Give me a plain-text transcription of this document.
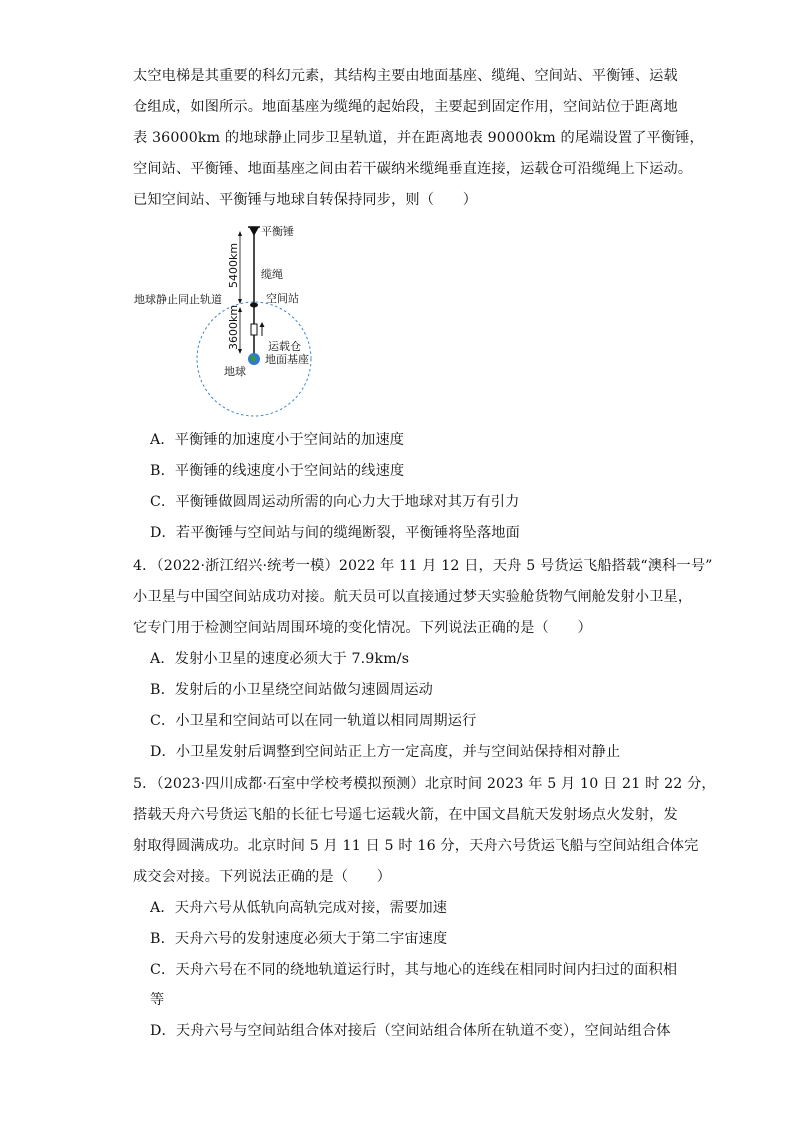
太空电梯是其重要的科幻元素，其结构主要由地面基座、缆绳、空间站、平衡锤、运载
仓组成，如图所示。地面基座为缆绳的起始段，主要起到固定作用，空间站位于距离地
表 36000km 的地球静止同步卫星轨道，并在距离地表 90000km 的尾端设置了平衡锤，
空间站、平衡锤、地面基座之间由若干碳纳米缆绳垂直连接，运载仓可沿缆绳上下运动。
已知空间站、平衡锤与地球自转保持同步，则（　　）
5400km
3600km
平衡锤
缆绳
空间站
地球静止同止轨道
运载仓
地面基座
地球
A．平衡锤的加速度小于空间站的加速度
B．平衡锤的线速度小于空间站的线速度
C．平衡锤做圆周运动所需的向心力大于地球对其万有引力
D．若平衡锤与空间站与间的缆绳断裂，平衡锤将坠落地面
4．（2022·浙江绍兴·统考一模）2022 年 11 月 12 日，天舟 5 号货运飞船搭载“澳科一号”
小卫星与中国空间站成功对接。航天员可以直接通过梦天实验舱货物气闸舱发射小卫星，
它专门用于检测空间站周围环境的变化情况。下列说法正确的是（　　）
A．发射小卫星的速度必须大于 7.9km/s
B．发射后的小卫星绕空间站做匀速圆周运动
C．小卫星和空间站可以在同一轨道以相同周期运行
D．小卫星发射后调整到空间站正上方一定高度，并与空间站保持相对静止
5．（2023·四川成都·石室中学校考模拟预测）北京时间 2023 年 5 月 10 日 21 时 22 分，
搭载天舟六号货运飞船的长征七号遥七运载火箭，在中国文昌航天发射场点火发射，发
射取得圆满成功。北京时间 5 月 11 日 5 时 16 分，天舟六号货运飞船与空间站组合体完
成交会对接。下列说法正确的是（　　）
A．天舟六号从低轨向高轨完成对接，需要加速
B．天舟六号的发射速度必须大于第二宇宙速度
C．天舟六号在不同的绕地轨道运行时，其与地心的连线在相同时间内扫过的面积相
等
D．天舟六号与空间站组合体对接后（空间站组合体所在轨道不变），空间站组合体
